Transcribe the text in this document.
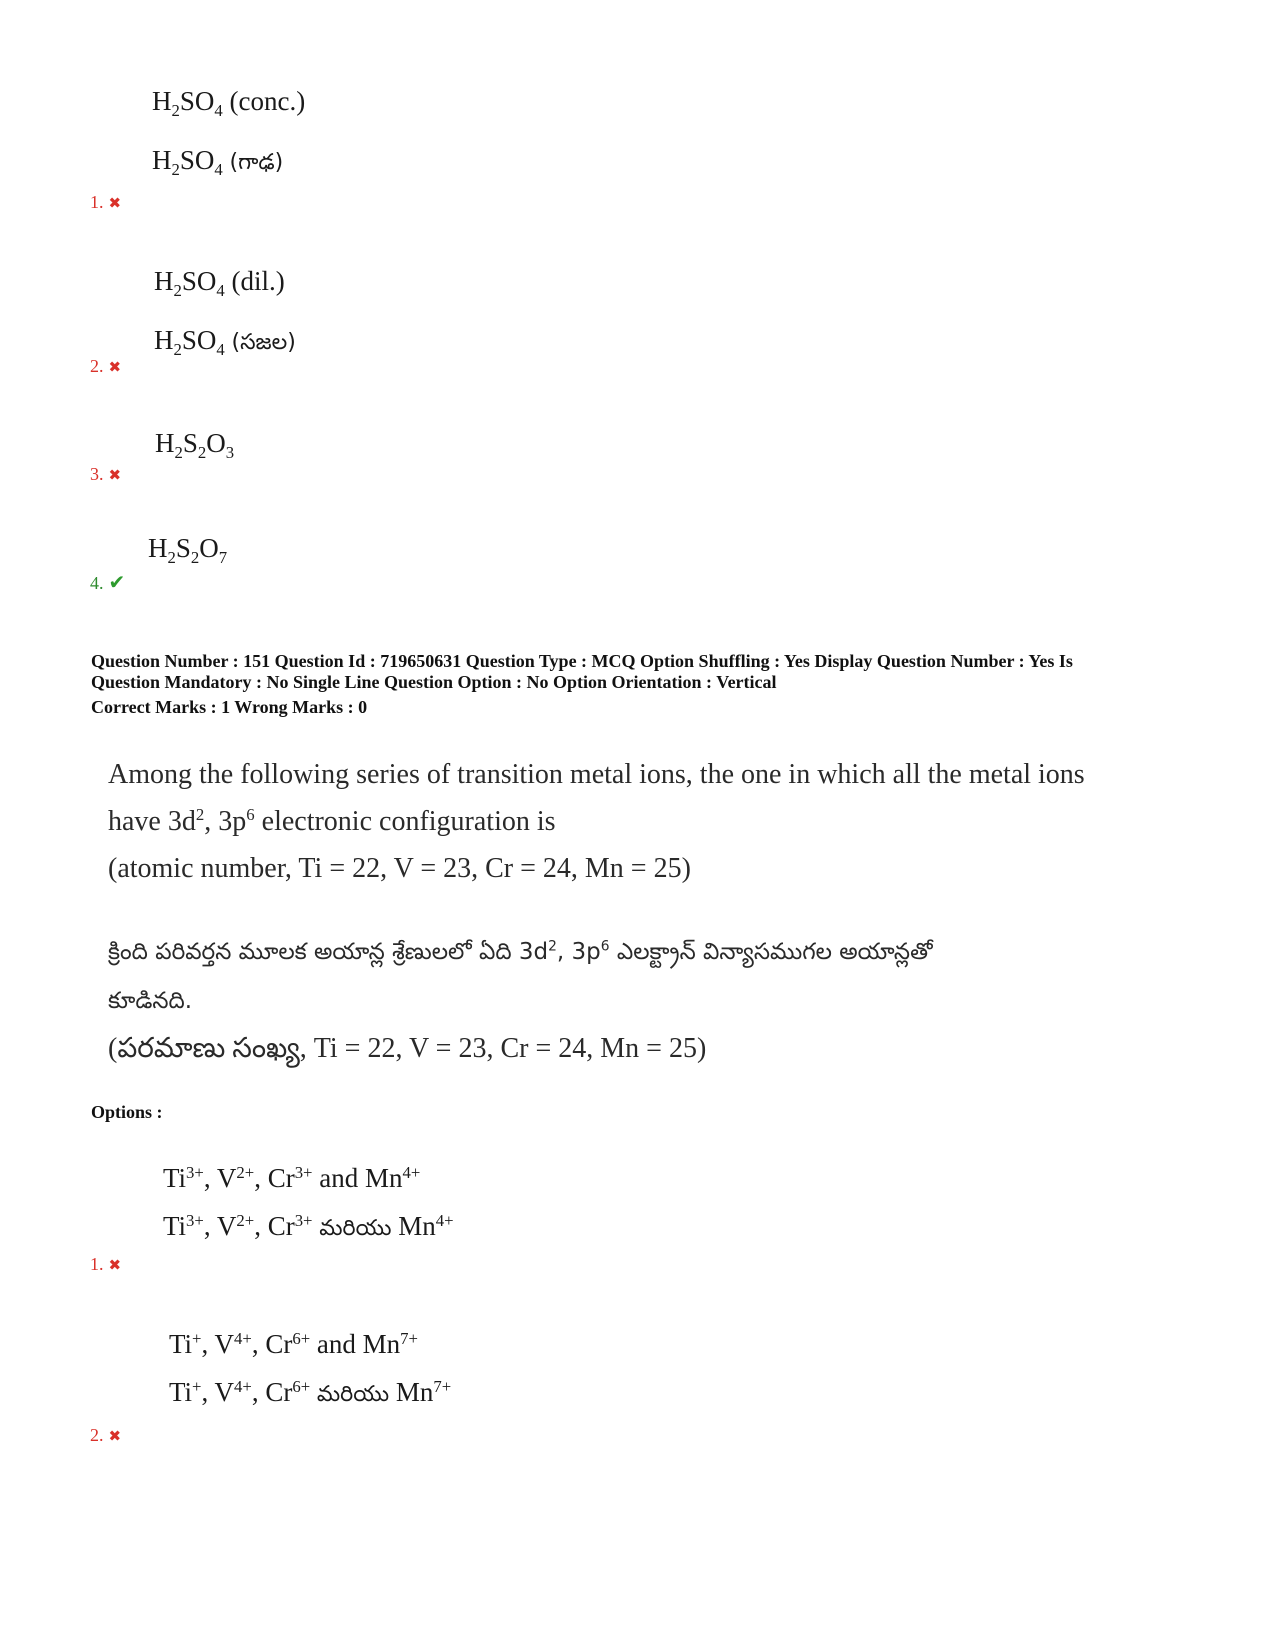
$H_2SO_4$ (conc.)
$H_2SO_4$ (గాఢ)
1. ✖
$H_2SO_4$ (dil.)
$H_2SO_4$ (సజల)
2. ✖
$H_2S_2O_3$
3. ✖
$H_2S_2O_7$
4. ✔
Question Number : 151 Question Id : 719650631 Question Type : MCQ Option Shuffling : Yes Display Question Number : Yes Is
Question Mandatory : No Single Line Question Option : No Option Orientation : Vertical
Correct Marks : 1 Wrong Marks : 0
Among the following series of transition metal ions, the one in which all the metal ions
have $3d^2$, $3p^6$ electronic configuration is
(atomic number, Ti = 22, V = 23, Cr = 24, Mn = 25)
క్రింది పరివర్తన మూలక అయాన్ల శ్రేణులలో ఏది $3d^2$, $3p^6$ ఎలక్ట్రాన్ విన్యాసముగల అయాన్లతో
కూడినది.
(పరమాణు సంఖ్య, Ti = 22, V = 23, Cr = 24, Mn = 25)
Options :
$Ti^{3+}$, $V^{2+}$, $Cr^{3+}$ and $Mn^{4+}$
$Ti^{3+}$, $V^{2+}$, $Cr^{3+}$ మరియు $Mn^{4+}$
1. ✖
Ti+, $V^{4+}$, $Cr^{6+}$ and $Mn^{7+}$
Ti+, $V^{4+}$, $Cr^{6+}$ మరియు $Mn^{7+}$
2. ✖
